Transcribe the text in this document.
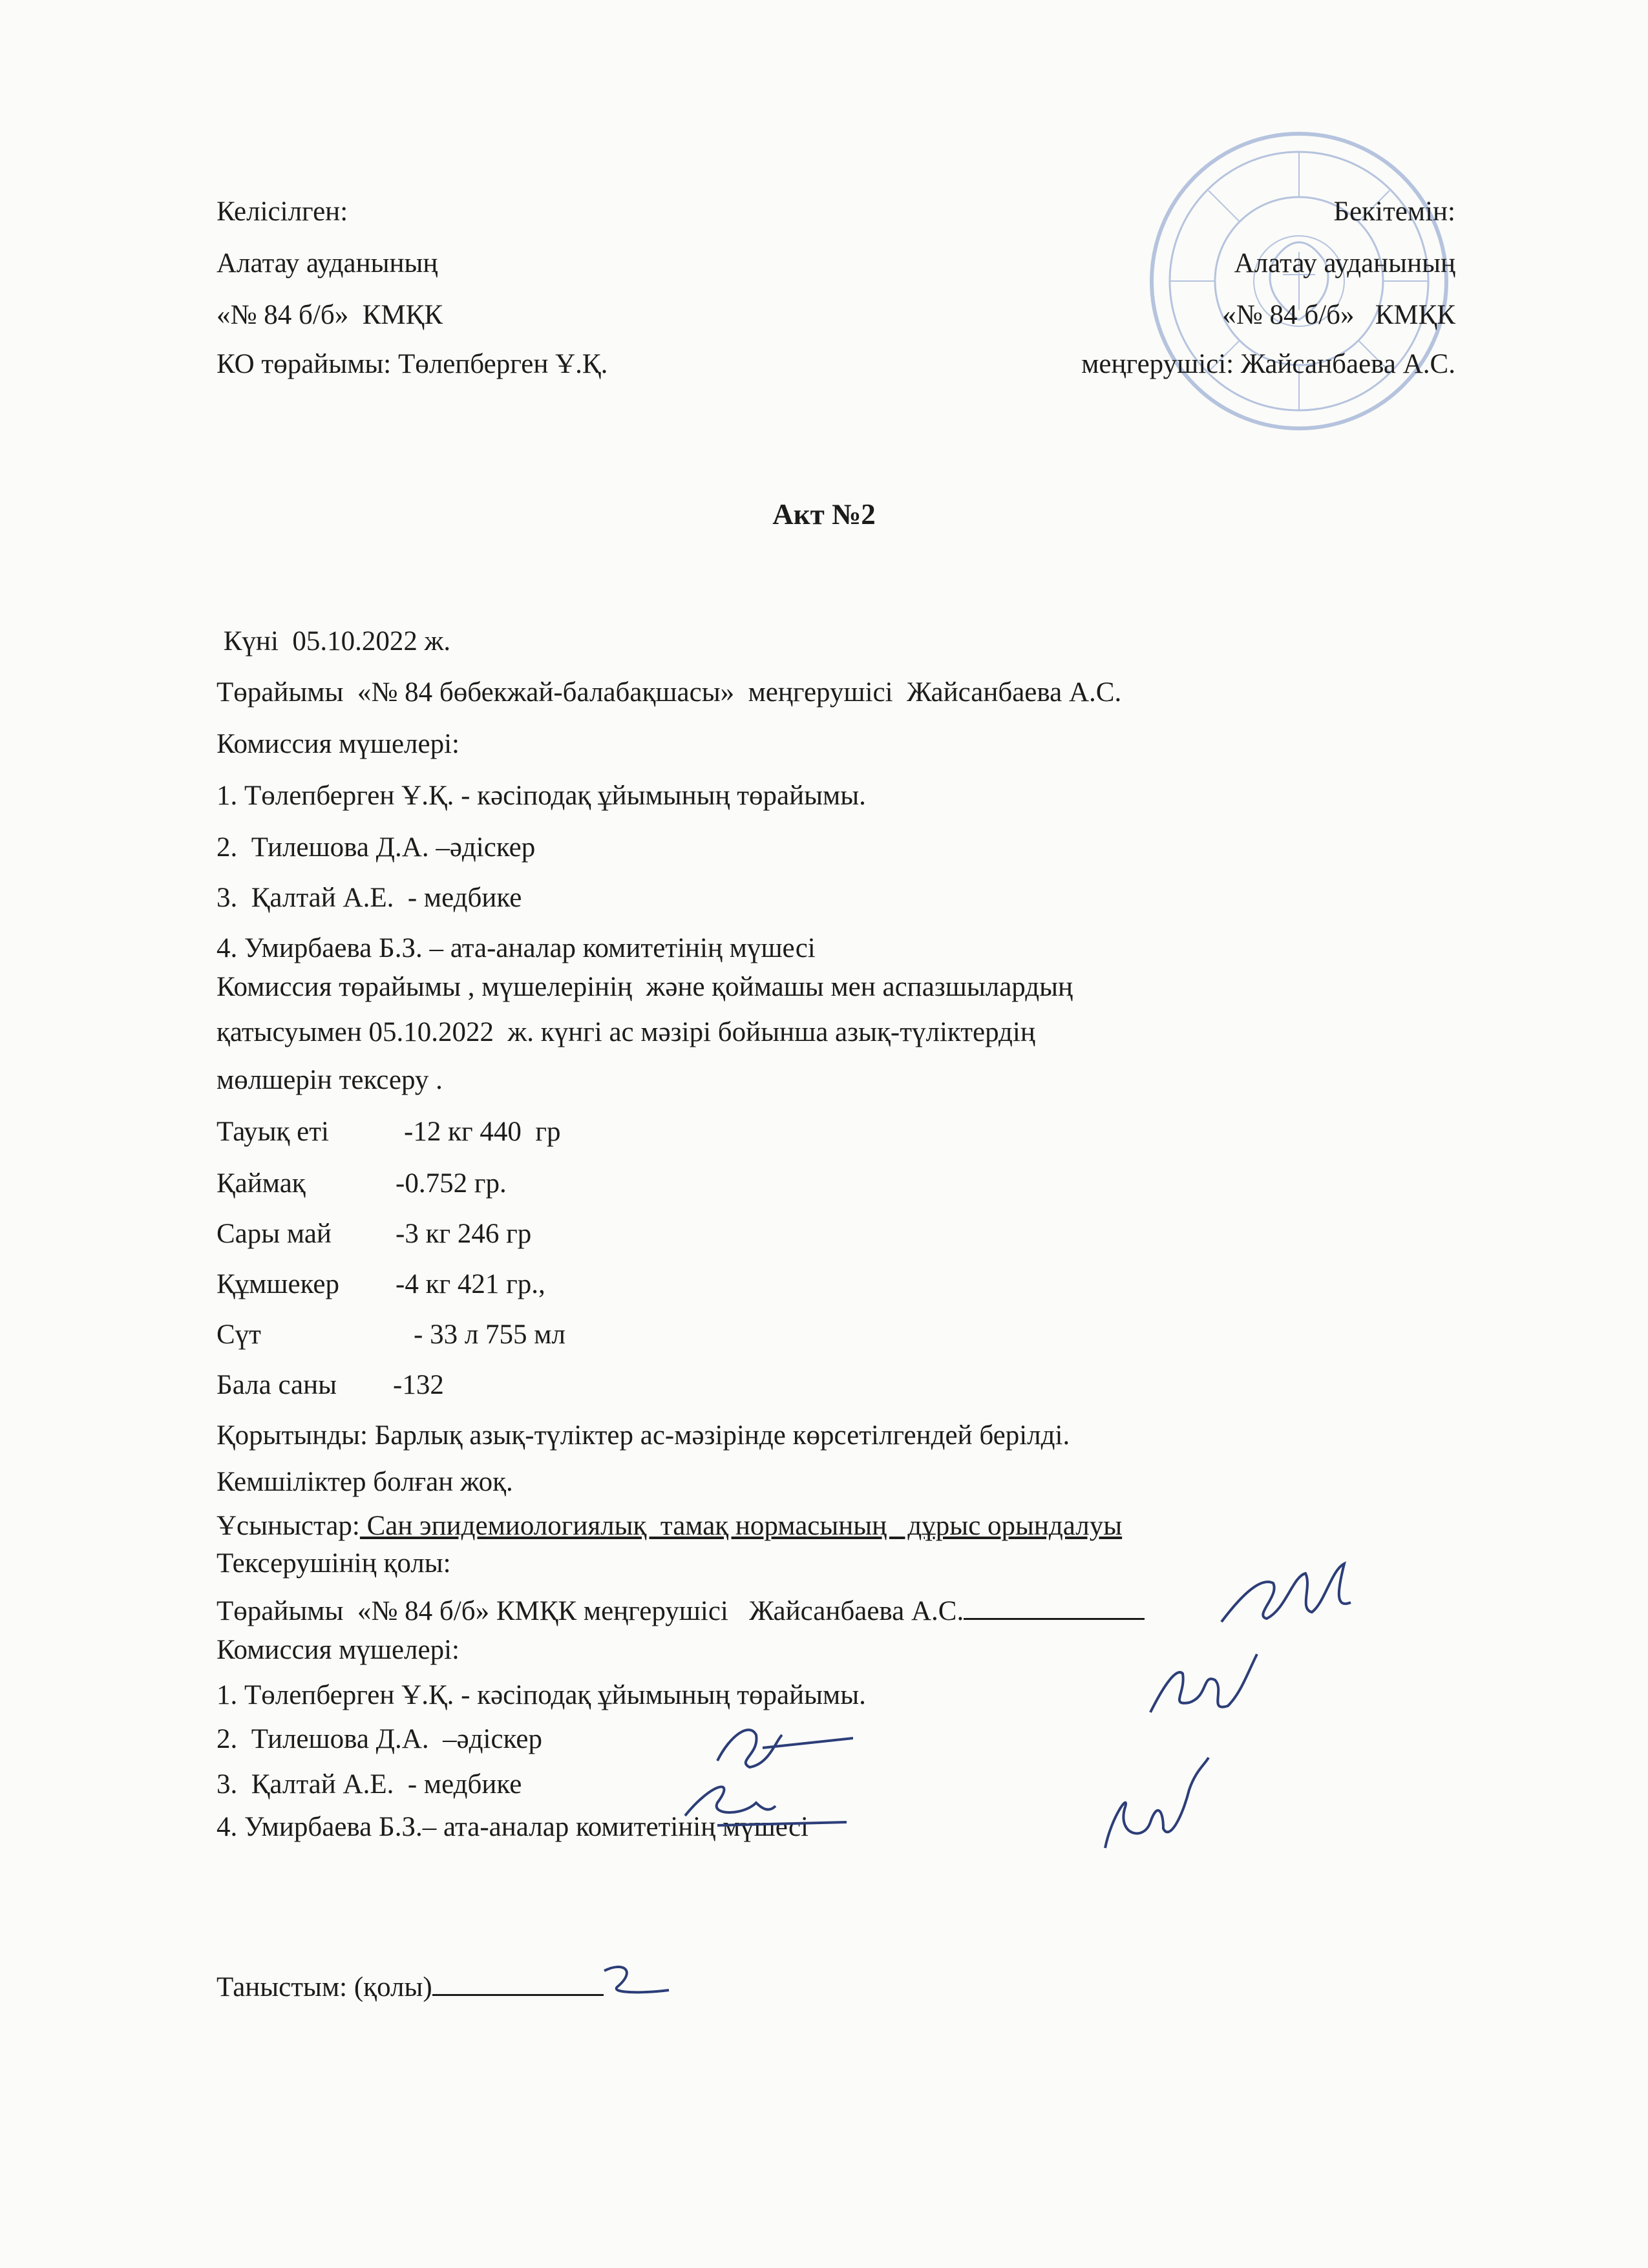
Келісілген:
Алатау ауданының
«№ 84 б/б»  КМҚК
КО төрайымы: Төлепберген Ұ.Қ.
Бекітемін:
Алатау ауданының
«№ 84 б/б»   КМҚК
меңгерушісі: Жайсанбаева А.С.
Акт №2
Күні  05.10.2022 ж.
Төрайымы  «№ 84 бөбекжай-балабақшасы»  меңгерушісі  Жайсанбаева А.С.
Комиссия мүшелері:
1. Төлепберген Ұ.Қ. - кәсіподақ ұйымының төрайымы.
2.  Тилешова Д.А. –әдіскер
3.  Қалтай А.Е.  - медбике
4. Умирбаева Б.З. – ата-аналар комитетінің мүшесі
Комиссия төрайымы , мүшелерінің  және қоймашы мен аспазшылардың
қатысуымен 05.10.2022  ж. күнгі ас мәзірі бойынша азық-түліктердің
мөлшерін тексеру .
Тауық еті	-12 кг 440  гр
Қаймақ	-0.752 гр.
Сары май -3 кг 246 гр
Құмшекер -4 кг 421 гр.,
Сүт	- 33 л 755 мл
Бала саны -132
Қорытынды: Барлық азық-түліктер ас-мәзірінде көрсетілгендей берілді.
Кемшіліктер болған жоқ.
Ұсыныстар: Сан эпидемиологиялық  тамақ нормасының   дұрыс орындалуы
Тексерушінің қолы:
Төрайымы  «№ 84 б/б» КМҚК меңгерушісі   Жайсанбаева А.С.
Комиссия мүшелері:
1. Төлепберген Ұ.Қ. - кәсіподақ ұйымының төрайымы.
2.  Тилешова Д.А.  –әдіскер
3.  Қалтай А.Е.  - медбике
4. Умирбаева Б.З.– ата-аналар комитетінің мүшесі
Таныстым: (қолы)
